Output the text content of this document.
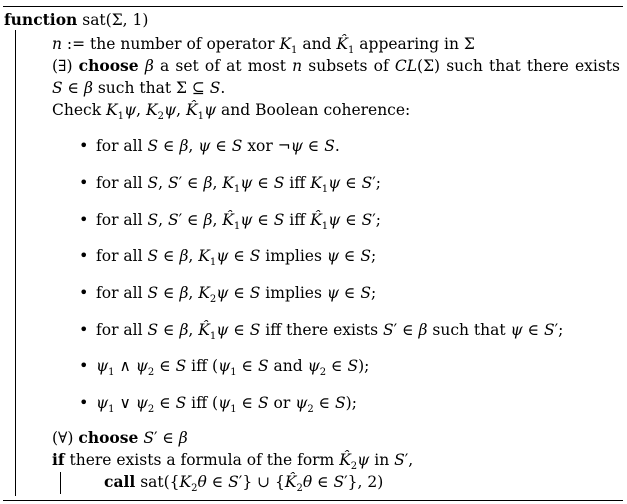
function sat(Σ, 1)
n := the number of operator $K_1$ and $K̂_1$ appearing in Σ
(∃) choose β a set of at most n subsets of CL(Σ) such that there exists
S ∈ β such that Σ ⊆ S.
Check $K_1\psi$, $K_2\psi$, $K̂_1\psi$ and Boolean coherence:
• for all S ∈ β, ψ ∈ S xor ¬ψ ∈ S.
• for all S, S′ ∈ β, $K_1\psi$ ∈ S iff $K_1\psi$ ∈ S′;
• for all S, S′ ∈ β, $K̂_1\psi$ ∈ S iff $K̂_1\psi$ ∈ S′;
• for all S ∈ β, $K_1\psi$ ∈ S implies ψ ∈ S;
• for all S ∈ β, $K_2\psi$ ∈ S implies ψ ∈ S;
• for all S ∈ β, $K̂_1\psi$ ∈ S iff there exists S′ ∈ β such that ψ ∈ S′;
• $\psi_1$ ∧ $\psi_2$ ∈ S iff ($\psi_1$ ∈ S and $\psi_2$ ∈ S);
• $\psi_1$ ∨ $\psi_2$ ∈ S iff ($\psi_1$ ∈ S or $\psi_2$ ∈ S);
(∀) choose S′ ∈ β
if there exists a formula of the form $K̂_2\psi$ in S′,
call $sat(\{K_2\theta$ ∈ S′} ∪ {$K̂_2\theta$ ∈ S′}, 2)
